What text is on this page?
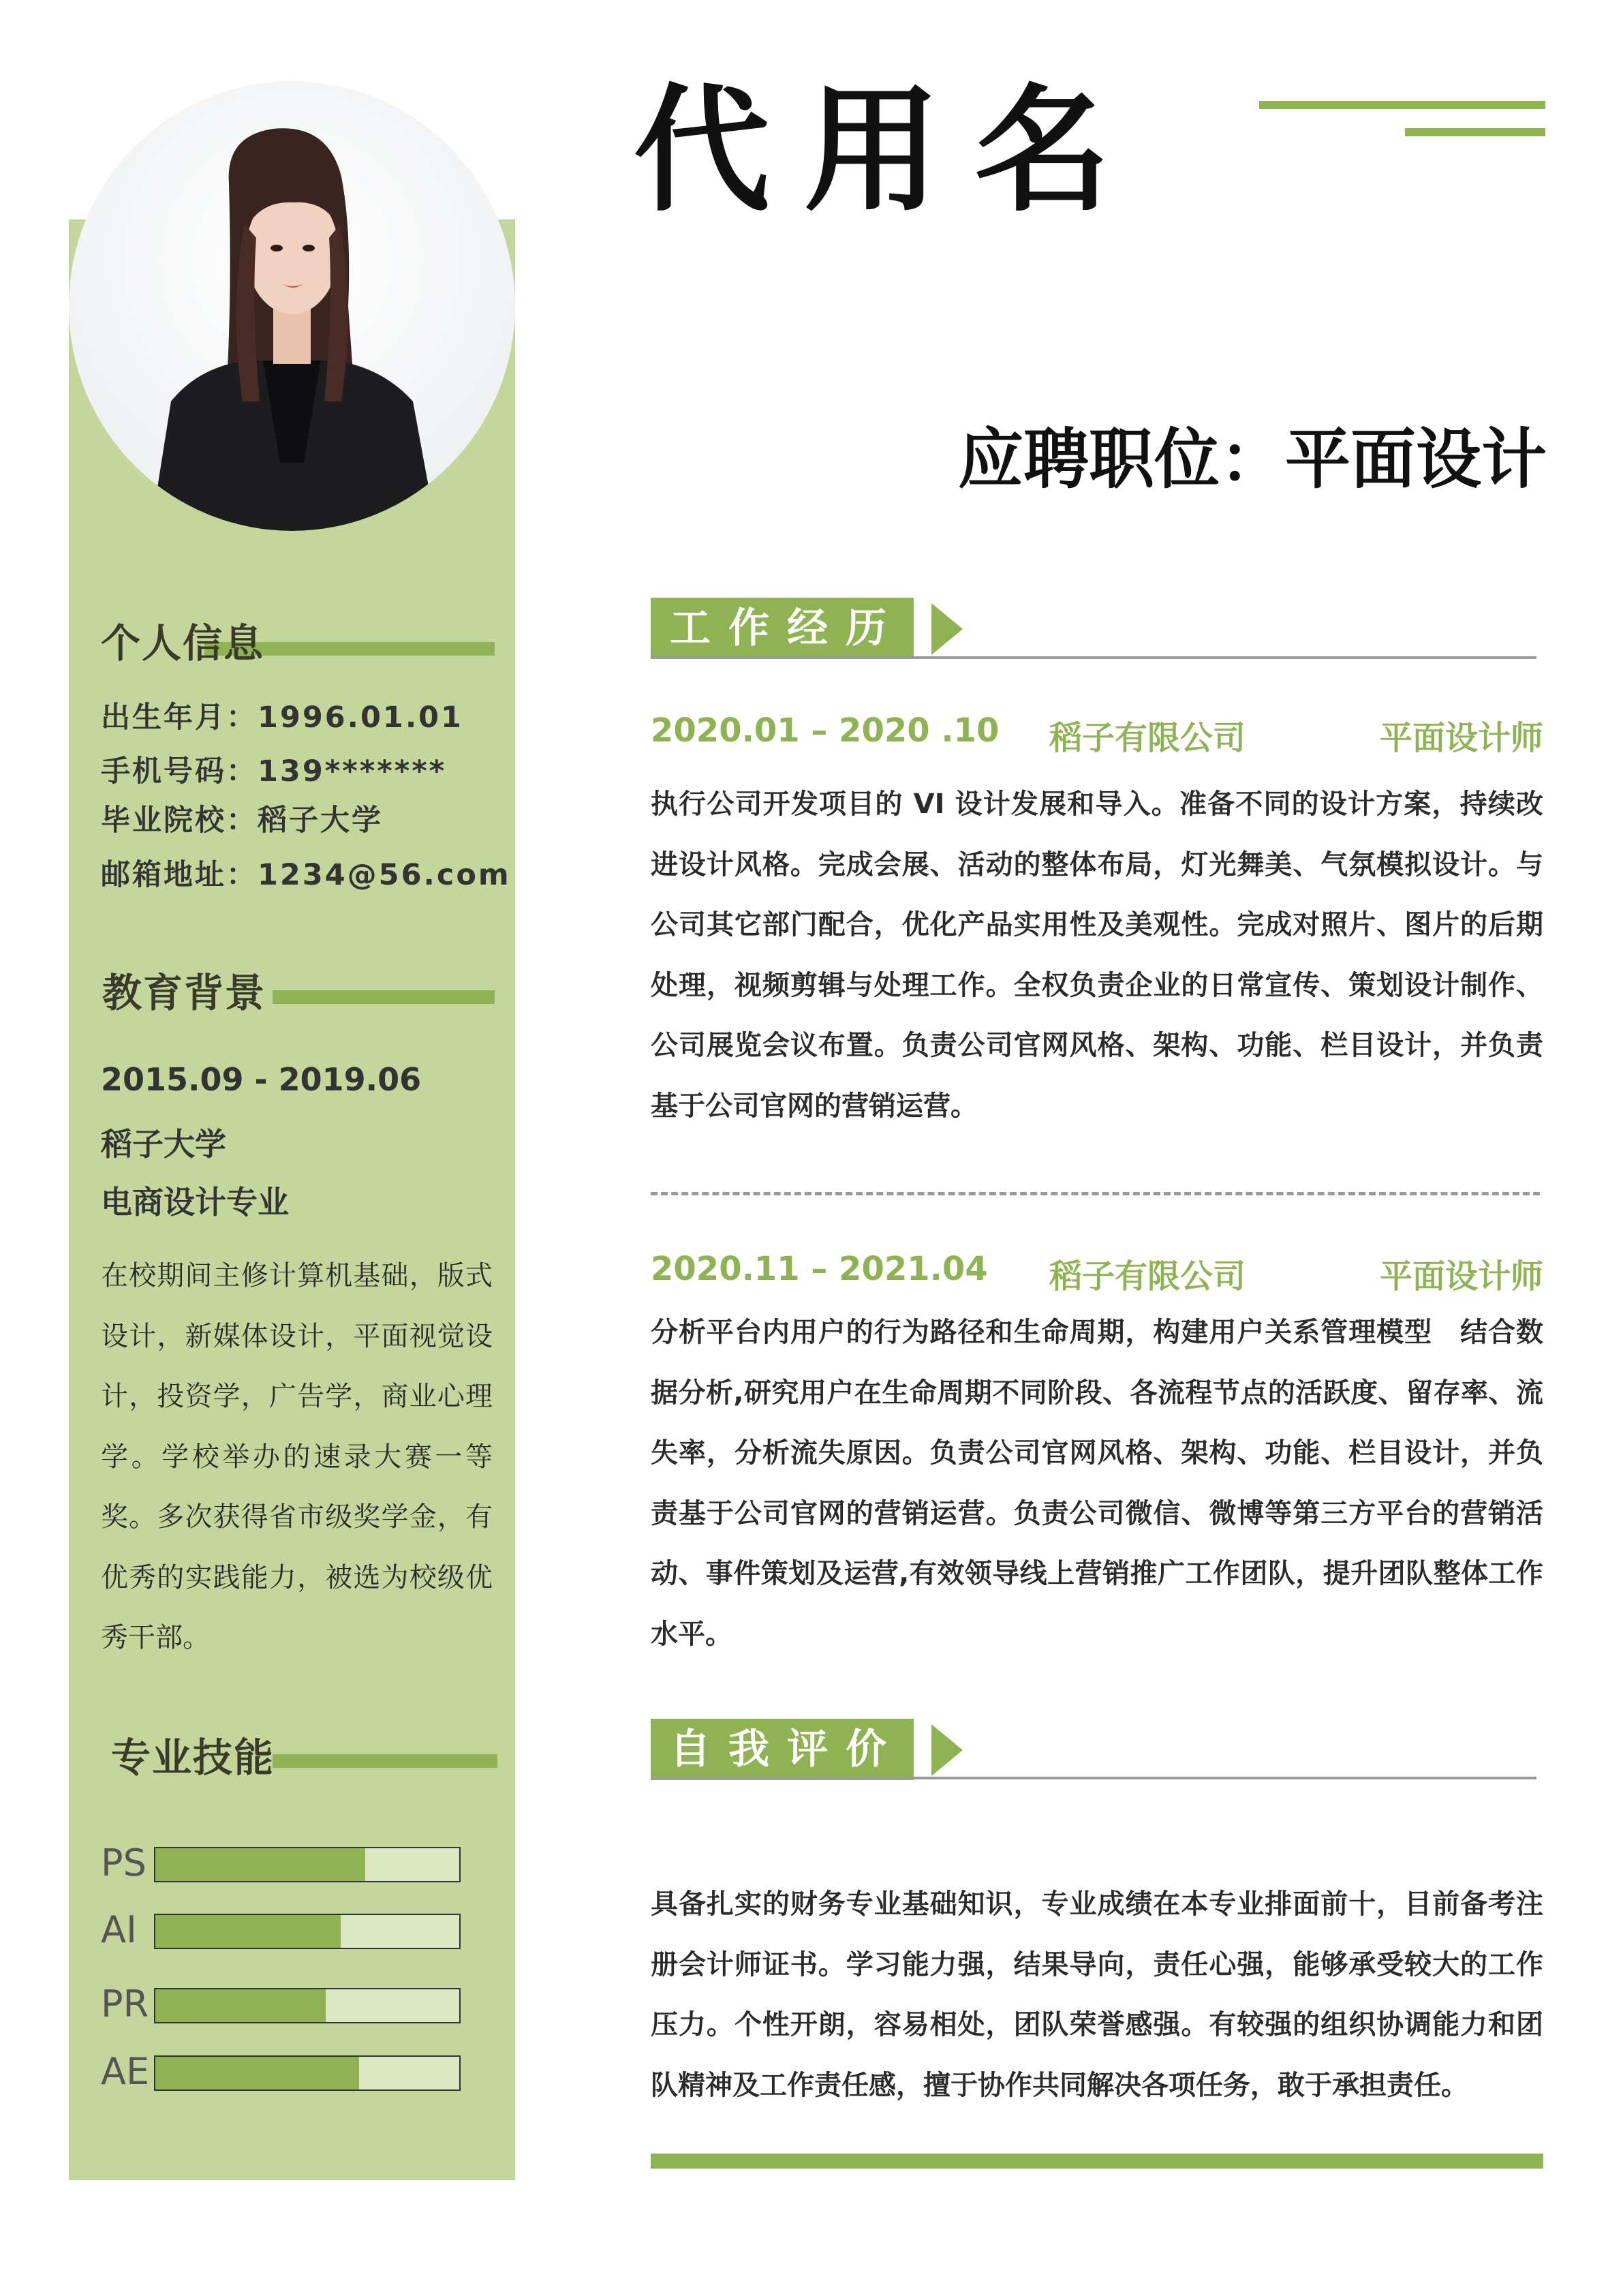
个人信息
出生年月：1996.01.01
手机号码：139*******
毕业院校：稻子大学
邮箱地址：1234@56.com
教育背景
2015.09 - 2019.06
稻子大学
电商设计专业
在校期间主修计算机基础，版式设计，新媒体设计，平面视觉设计，投资学，广告学，商业心理学。学校举办的速录大赛一等奖。多次获得省市级奖学金，有优秀的实践能力，被选为校级优秀干部。
专业技能
PS
AI
PR
AE
代用名
应聘职位：平面设计
工作经历
2020.01 – 2020 .10 稻子有限公司	平面设计师
执行公司开发项目的 VI 设计发展和导入。准备不同的设计方案，持续改进设计风格。完成会展、活动的整体布局，灯光舞美、气氛模拟设计。与公司其它部门配合，优化产品实用性及美观性。完成对照片、图片的后期处理，视频剪辑与处理工作。全权负责企业的日常宣传、策划设计制作、公司展览会议布置。负责公司官网风格、架构、功能、栏目设计，并负责基于公司官网的营销运营。
2020.11 – 2021.04 稻子有限公司	平面设计师
分析平台内用户的行为路径和生命周期，构建用户关系管理模型　结合数据分析,研究用户在生命周期不同阶段、各流程节点的活跃度、留存率、流失率，分析流失原因。负责公司官网风格、架构、功能、栏目设计，并负责基于公司官网的营销运营。负责公司微信、微博等第三方平台的营销活动、事件策划及运营,有效领导线上营销推广工作团队，提升团队整体工作水平。
自我评价
具备扎实的财务专业基础知识，专业成绩在本专业排面前十，目前备考注册会计师证书。学习能力强，结果导向，责任心强，能够承受较大的工作压力。个性开朗，容易相处，团队荣誉感强。有较强的组织协调能力和团队精神及工作责任感，擅于协作共同解决各项任务，敢于承担责任。
